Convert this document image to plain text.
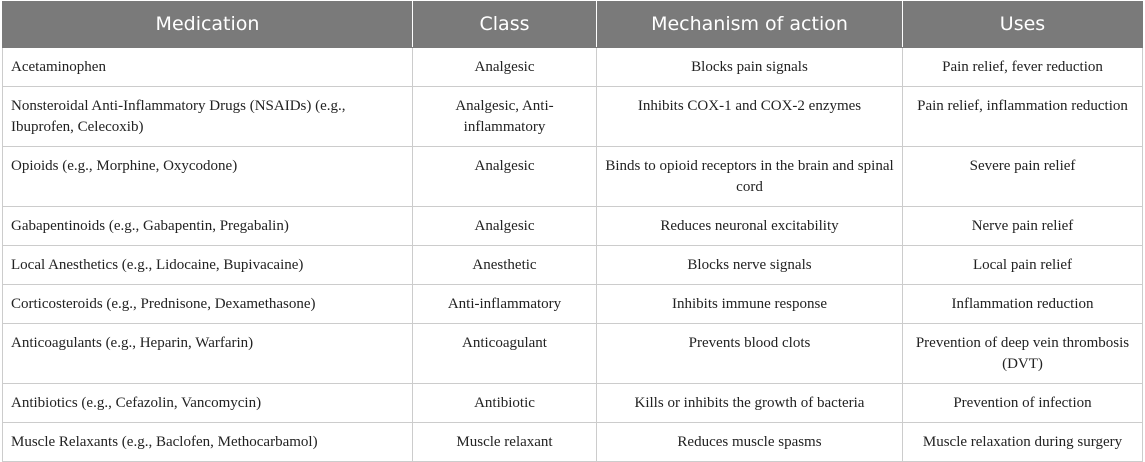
Medication	Class	Mechanism of action	Uses
Acetaminophen	Analgesic	Blocks pain signals	Pain relief, fever reduction
Nonsteroidal Anti-Inflammatory Drugs (NSAIDs) (e.g., Ibuprofen, Celecoxib)	Analgesic, Anti-inflammatory	Inhibits COX-1 and COX-2 enzymes	Pain relief, inflammation reduction
Opioids (e.g., Morphine, Oxycodone)	Analgesic	Binds to opioid receptors in the brain and spinal cord	Severe pain relief
Gabapentinoids (e.g., Gabapentin, Pregabalin)	Analgesic	Reduces neuronal excitability	Nerve pain relief
Local Anesthetics (e.g., Lidocaine, Bupivacaine)	Anesthetic	Blocks nerve signals	Local pain relief
Corticosteroids (e.g., Prednisone, Dexamethasone)	Anti-inflammatory	Inhibits immune response	Inflammation reduction
Anticoagulants (e.g., Heparin, Warfarin)	Anticoagulant	Prevents blood clots	Prevention of deep vein thrombosis (DVT)
Antibiotics (e.g., Cefazolin, Vancomycin)	Antibiotic	Kills or inhibits the growth of bacteria	Prevention of infection
Muscle Relaxants (e.g., Baclofen, Methocarbamol)	Muscle relaxant	Reduces muscle spasms	Muscle relaxation during surgery
